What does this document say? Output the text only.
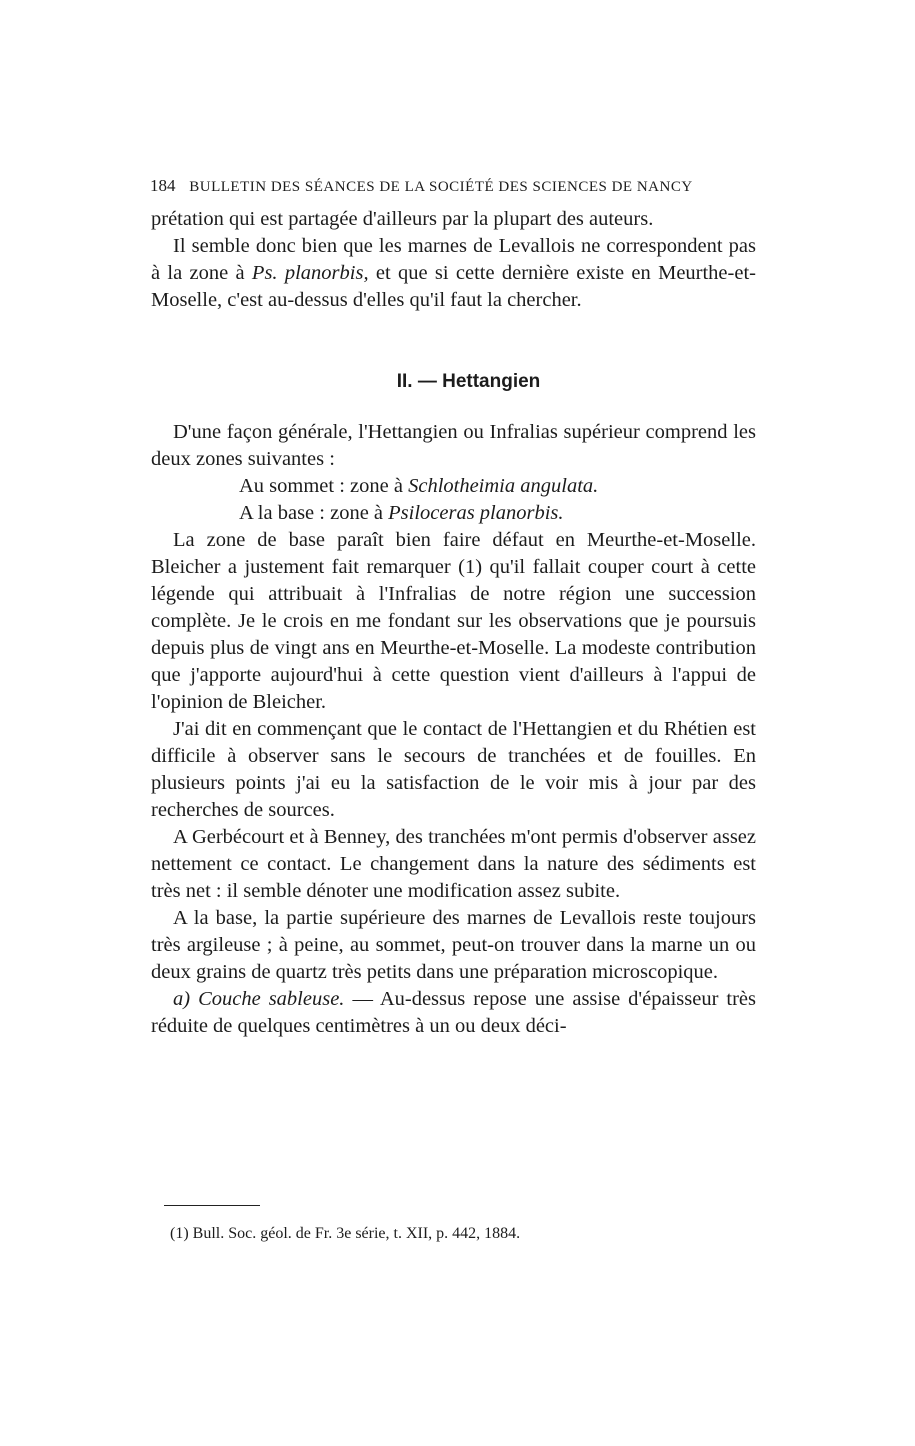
184 BULLETIN DES SÉANCES DE LA SOCIÉTÉ DES SCIENCES DE NANCY

prétation qui est partagée d'ailleurs par la plupart des auteurs.

Il semble donc bien que les marnes de Levallois ne correspondent pas à la zone à Ps. planorbis, et que si cette dernière existe en Meurthe-et-Moselle, c'est au-dessus d'elles qu'il faut la chercher.

II. — Hettangien

D'une façon générale, l'Hettangien ou Infralias supérieur comprend les deux zones suivantes :

Au sommet : zone à Schlotheimia angulata.

A la base : zone à Psiloceras planorbis.

La zone de base paraît bien faire défaut en Meurthe-et-Moselle. Bleicher a justement fait remarquer (1) qu'il fallait couper court à cette légende qui attribuait à l'Infralias de notre région une succession complète. Je le crois en me fondant sur les observations que je poursuis depuis plus de vingt ans en Meurthe-et-Moselle. La modeste contribution que j'apporte aujourd'hui à cette question vient d'ailleurs à l'appui de l'opinion de Bleicher.

J'ai dit en commençant que le contact de l'Hettangien et du Rhétien est difficile à observer sans le secours de tranchées et de fouilles. En plusieurs points j'ai eu la satisfaction de le voir mis à jour par des recherches de sources.

A Gerbécourt et à Benney, des tranchées m'ont permis d'observer assez nettement ce contact. Le changement dans la nature des sédiments est très net : il semble dénoter une modification assez subite.

A la base, la partie supérieure des marnes de Levallois reste toujours très argileuse ; à peine, au sommet, peut-on trouver dans la marne un ou deux grains de quartz très petits dans une préparation microscopique.

a) Couche sableuse. — Au-dessus repose une assise d'épaisseur très réduite de quelques centimètres à un ou deux déci-

(1) Bull. Soc. géol. de Fr. 3e série, t. XII, p. 442, 1884.
